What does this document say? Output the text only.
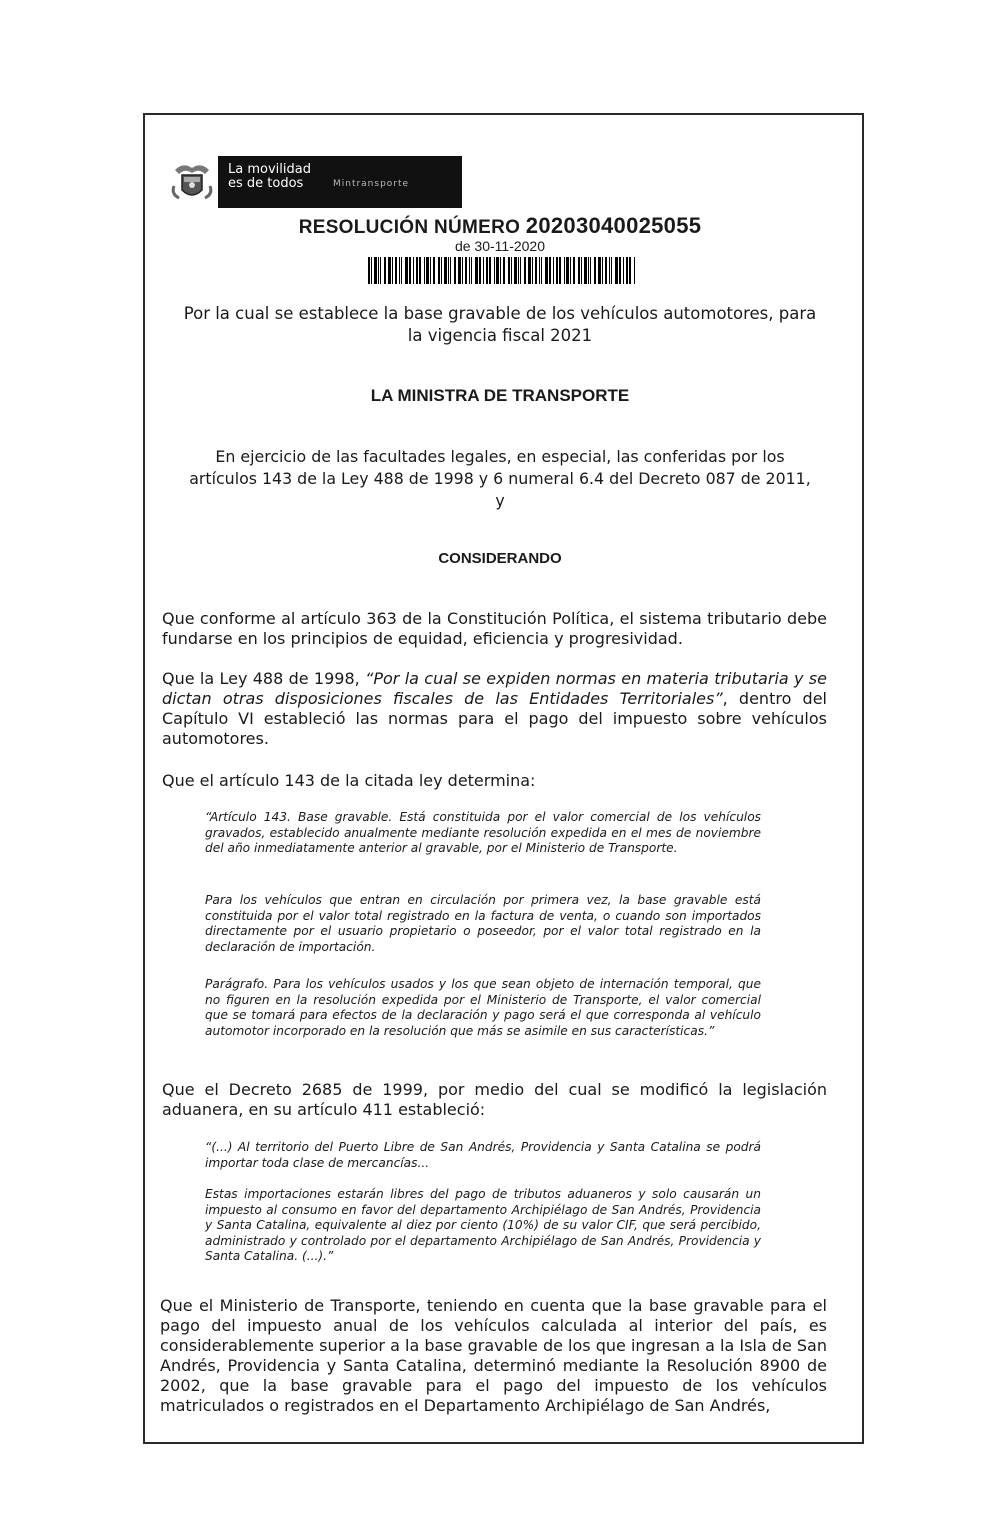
La movilidad
es de todos	Mintransporte
RESOLUCIÓN NÚMERO 20203040025055
de 30-11-2020
Por la cual se establece la base gravable de los vehículos automotores, para
la vigencia fiscal 2021
LA MINISTRA DE TRANSPORTE
En ejercicio de las facultades legales, en especial, las conferidas por los
artículos 143 de la Ley 488 de 1998 y 6 numeral 6.4 del Decreto 087 de 2011,
y
CONSIDERANDO
Que conforme al artículo 363 de la Constitución Política, el sistema tributario debe fundarse en los principios de equidad, eficiencia y progresividad.
Que la Ley 488 de 1998, “Por la cual se expiden normas en materia tributaria y se dictan otras disposiciones fiscales de las Entidades Territoriales”, dentro del Capítulo VI estableció las normas para el pago del impuesto sobre vehículos automotores.
Que el artículo 143 de la citada ley determina:
“Artículo 143. Base gravable. Está constituida por el valor comercial de los vehículos gravados, establecido anualmente mediante resolución expedida en el mes de noviembre del año inmediatamente anterior al gravable, por el Ministerio de Transporte.
Para los vehículos que entran en circulación por primera vez, la base gravable está constituida por el valor total registrado en la factura de venta, o cuando son importados directamente por el usuario propietario o poseedor, por el valor total registrado en la declaración de importación.
Parágrafo. Para los vehículos usados y los que sean objeto de internación temporal, que no figuren en la resolución expedida por el Ministerio de Transporte, el valor comercial que se tomará para efectos de la declaración y pago será el que corresponda al vehículo automotor incorporado en la resolución que más se asimile en sus características.”
Que el Decreto 2685 de 1999, por medio del cual se modificó la legislación aduanera, en su artículo 411 estableció:
“(...) Al territorio del Puerto Libre de San Andrés, Providencia y Santa Catalina se podrá importar toda clase de mercancías...
Estas importaciones estarán libres del pago de tributos aduaneros y solo causarán un impuesto al consumo en favor del departamento Archipiélago de San Andrés, Providencia y Santa Catalina, equivalente al diez por ciento (10%) de su valor CIF, que será percibido, administrado y controlado por el departamento Archipiélago de San Andrés, Providencia y Santa Catalina. (...).”
Que el Ministerio de Transporte, teniendo en cuenta que la base gravable para el pago del impuesto anual de los vehículos calculada al interior del país, es considerablemente superior a la base gravable de los que ingresan a la Isla de San Andrés, Providencia y Santa Catalina, determinó mediante la Resolución 8900 de 2002, que la base gravable para el pago del impuesto de los vehículos matriculados o registrados en el Departamento Archipiélago de San Andrés,
